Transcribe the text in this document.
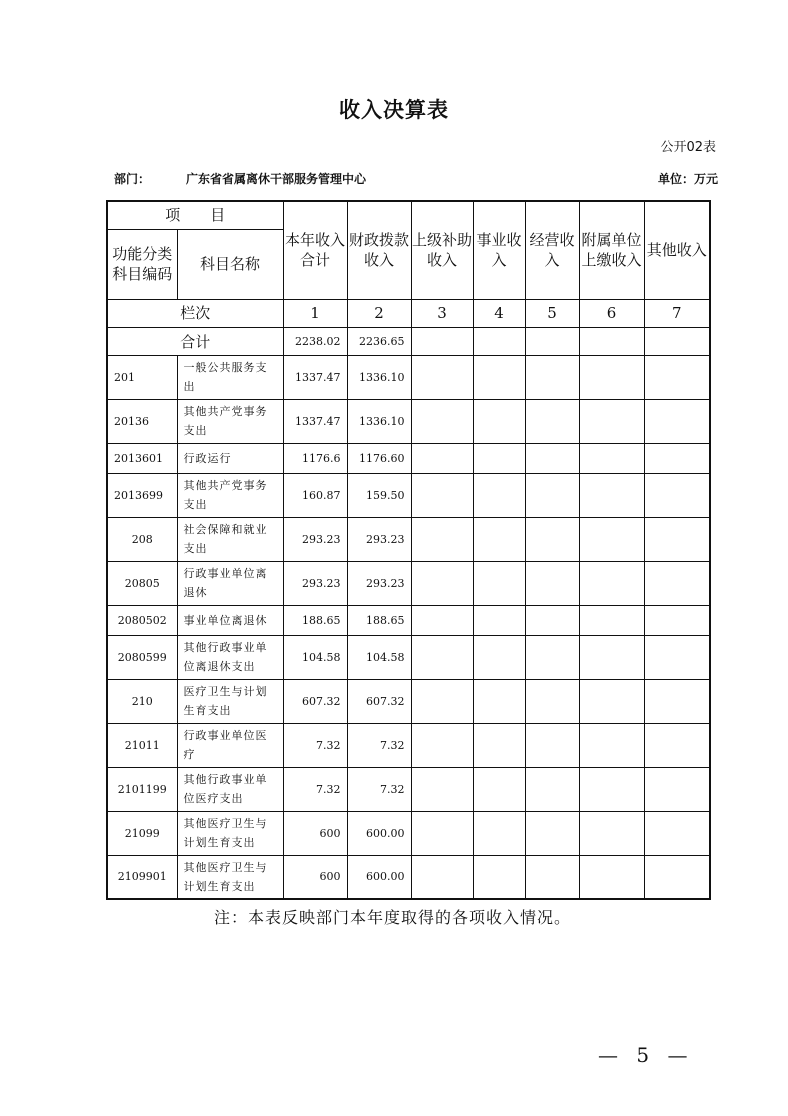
收入决算表
公开02表
部门：	广东省省属离休干部服务管理中心	单位：万元
项　　目		本年收入合计	财政拨款收入	上级补助收入	事业收入	经营收入	附属单位上缴收入	其他收入
功能分类科目编码	科目名称							
栏次		1	2	3	4	5	6	7
合计		2238.02	2236.65					
201	一般公共服务支出	1337.47	1336.10					
20136	其他共产党事务支出	1337.47	1336.10					
2013601	行政运行	1176.6	1176.60					
2013699	其他共产党事务支出	160.87	159.50					
208	社会保障和就业支出	293.23	293.23					
20805	行政事业单位离退休	293.23	293.23					
2080502	事业单位离退休	188.65	188.65					
2080599	其他行政事业单位离退休支出	104.58	104.58					
210	医疗卫生与计划生育支出	607.32	607.32					
21011	行政事业单位医疗	7.32	7.32					
2101199	其他行政事业单位医疗支出	7.32	7.32					
21099	其他医疗卫生与计划生育支出	600	600.00					
2109901	其他医疗卫生与计划生育支出	600	600.00					
注：本表反映部门本年度取得的各项收入情况。
— 5 —
